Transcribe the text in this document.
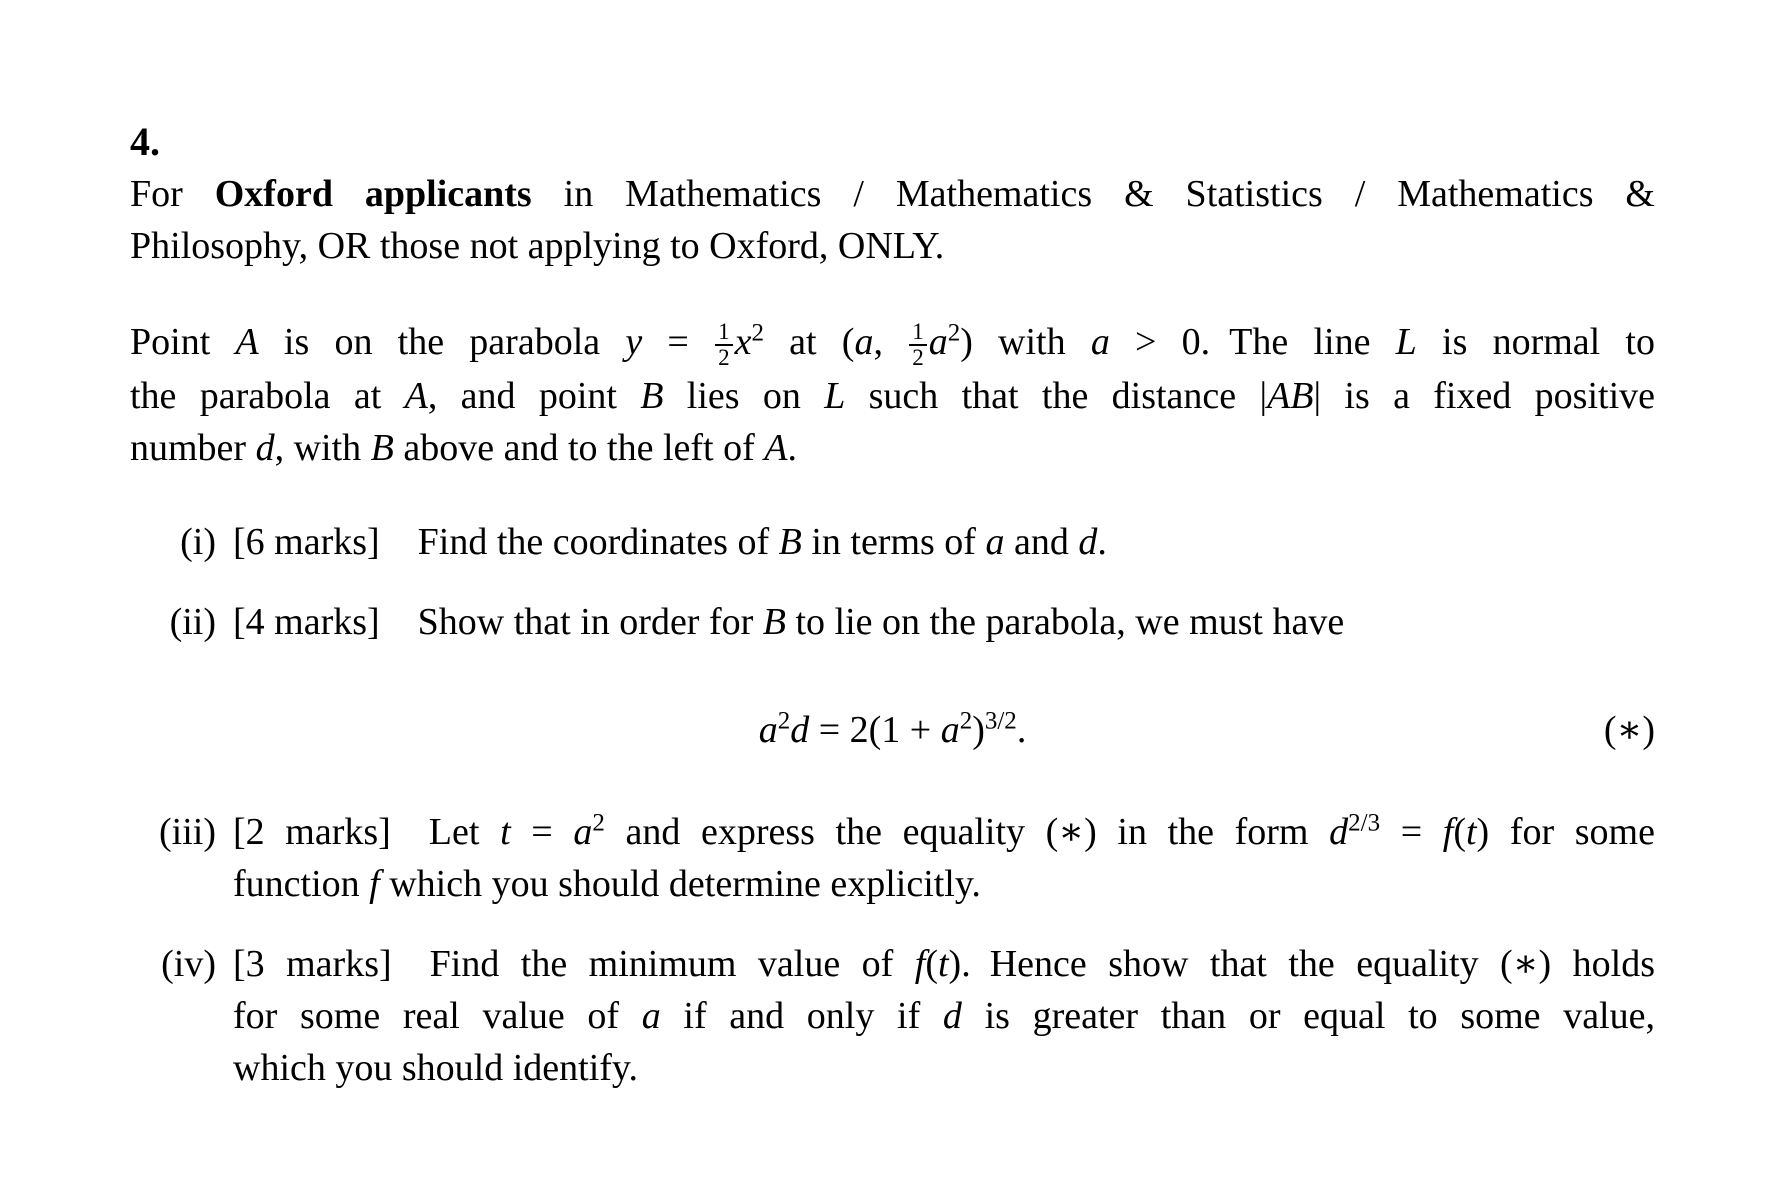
4.
For Oxford applicants in Mathematics / Mathematics & Statistics / Mathematics &
Philosophy, OR those not applying to Oxford, ONLY.
Point A is on the parabola $y = \frac{1}{2} x^2$ at (a, $\frac{1}{2} a^2$) with a > 0. The line L is normal to
the parabola at A, and point B lies on L such that the distance |AB| is a fixed positive
number d, with B above and to the left of A.
(i) [6 marks] Find the coordinates of B in terms of a and d.
(ii) [4 marks] Show that in order for B to lie on the parabola, we must have
$a^2d = 2(1 + a^2)^{3/2}$.	(∗)
(iii) [2 marks] Let $t = a^2$ and express the equality (∗) in the form $d^{2/3} = f(t)$ for some
function f which you should determine explicitly.
(iv) [3 marks] Find the minimum value of f(t). Hence show that the equality (∗) holds
for some real value of a if and only if d is greater than or equal to some value,
which you should identify.
